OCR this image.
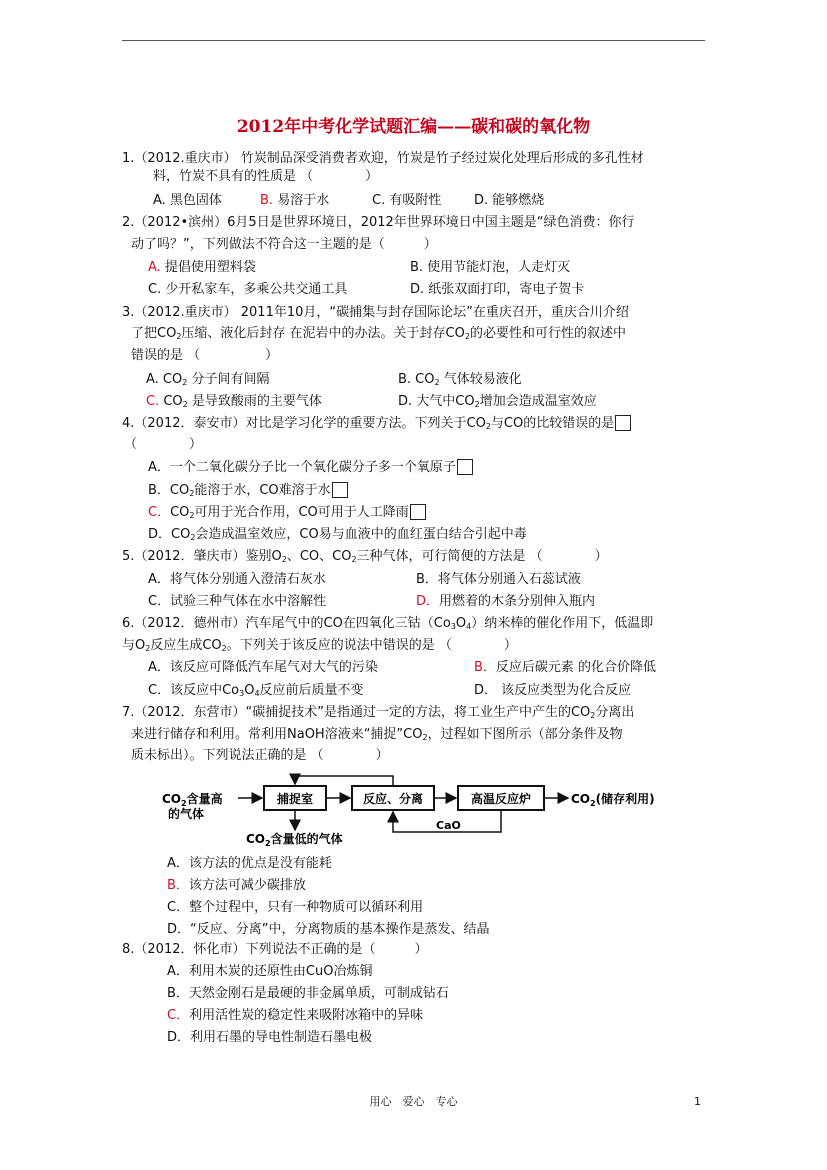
2012年中考化学试题汇编——碳和碳的氧化物
1.（2012.重庆市） 竹炭制品深受消费者欢迎，竹炭是竹子经过炭化处理后形成的多孔性材
料，竹炭不具有的性质是 （　　　　）
A. 黑色固体	B. 易溶于水	C. 有吸附性	D. 能够燃烧
2.（2012•滨州）6月5日是世界环境日，2012年世界环境日中国主题是“绿色消费：你行
动了吗？”，下列做法不符合这一主题的是（　　　）
A. 提倡使用塑料袋	B. 使用节能灯泡，人走灯灭
C. 少开私家车，多乘公共交通工具	D. 纸张双面打印，寄电子贺卡
3.（2012.重庆市） 2011年10月，“碳捕集与封存国际论坛”在重庆召开，重庆合川介绍
了把$CO_2$压缩、液化后封存 在泥岩中的办法。关于封存$CO_2$的必要性和可行性的叙述中
错误的是 （　　　　　）
A. $CO_2$ 分子间有间隔	B. $CO_2$ 气体较易液化
C. $CO_2$ 是导致酸雨的主要气体	D. 大气中$CO_2$增加会造成温室效应
4.（2012．泰安市）对比是学习化学的重要方法。下列关于$CO_2$与CO的比较错误的是
（　　　　）
A．一个二氧化碳分子比一个氧化碳分子多一个氧原子
B．$CO_2$能溶于水，CO难溶于水
C．$CO_2$可用于光合作用，CO可用于人工降雨
D．$CO_2$会造成温室效应，CO易与血液中的血红蛋白结合引起中毒
5.（2012．肇庆市）鉴别$O_2$、CO、$CO_2$三种气体，可行简便的方法是 （　　　　）
A．将气体分别通入澄清石灰水	B．将气体分别通入石蕊试液
C．试验三种气体在水中溶解性	D．用燃着的木条分别伸入瓶内
6.（2012．德州市）汽车尾气中的CO在四氧化三钴$(Co_3O_4)$纳米棒的催化作用下，低温即
与$O_2$反应生成$CO_2$。下列关于该反应的说法中错误的是 （　　　　）
A．该反应可降低汽车尾气对大气的污染	B．反应后碳元素 的化合价降低
C．该反应中$Co_3O_4$反应前后质量不变	D． 该反应类型为化合反应
7.（2012．东营市）“碳捕捉技术”是指通过一定的方法，将工业生产中产生的$CO_2$分离出
来进行储存和利用。常利用NaOH溶液来“捕捉$”CO_2$，过程如下图所示（部分条件及物
质未标出）。下列说法正确的是 （　　　　）
$CO_2$含量高
的气体
捕捉室	反应、分离	高温反应炉	$CO_2$(储存利用)
$CO_2$含量低的气体
CaO
A．该方法的优点是没有能耗
B．该方法可减少碳排放
C．整个过程中，只有一种物质可以循环利用
D．“反应、分离”中，分离物质的基本操作是蒸发、结晶
8.（2012．怀化市）下列说法不正确的是（　　　）
A．利用木炭的还原性由CuO冶炼铜
B．天然金刚石是最硬的非金属单质，可制成钻石
C．利用活性炭的稳定性来吸附冰箱中的异味
D．利用石墨的导电性制造石墨电极
用心　爱心　专心	1
